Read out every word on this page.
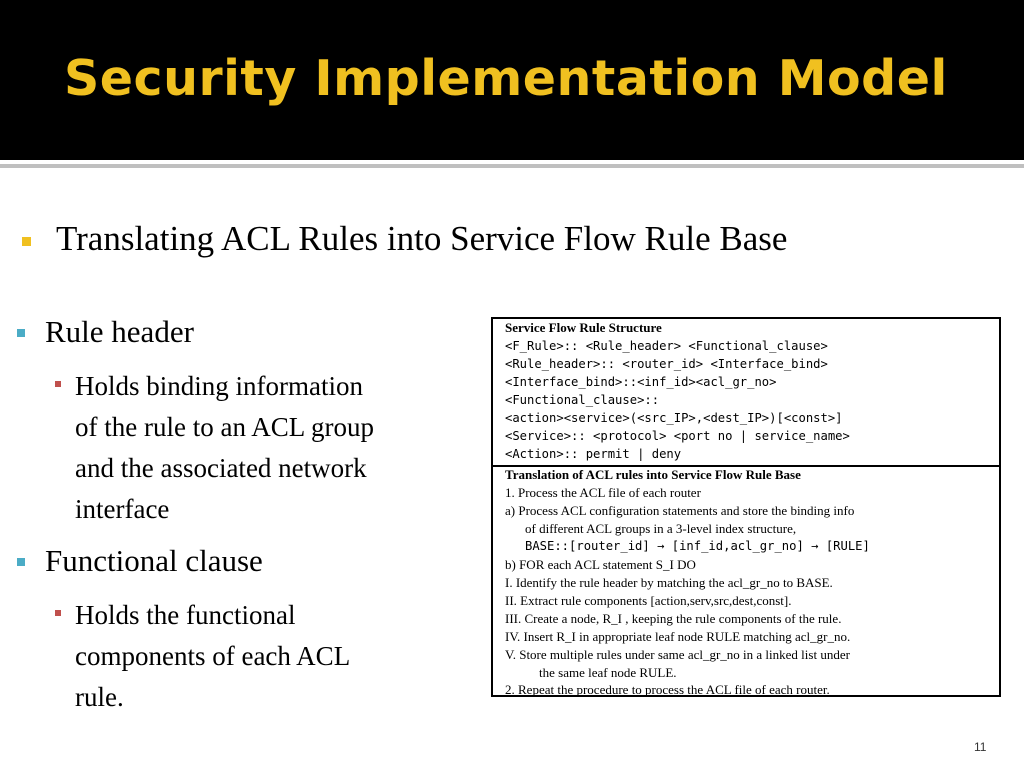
Security Implementation Model
Translating ACL Rules into Service Flow Rule Base
Rule header
Holds binding information
of the rule to an ACL group
and the associated network
interface
Functional clause
Holds the functional
components of each ACL
rule.
Service Flow Rule Structure
<F_Rule>:: <Rule_header> <Functional_clause>
<Rule_header>:: <router_id> <Interface_bind>
<Interface_bind>::<inf_id><acl_gr_no>
<Functional_clause>::
<action><service>(<src_IP>,<dest_IP>)[<const>]
<Service>:: <protocol> <port no | service_name>
<Action>:: permit | deny
Translation of ACL rules into Service Flow Rule Base
1. Process the ACL file of each router
a) Process ACL configuration statements and store the binding info
of different ACL groups in a 3-level index structure,
BASE::[router_id] → [inf_id,acl_gr_no] → [RULE]
b) FOR each ACL statement S_I DO
I. Identify the rule header by matching the acl_gr_no to BASE.
II. Extract rule components [action,serv,src,dest,const].
III. Create a node, R_I , keeping the rule components of the rule.
IV. Insert R_I in appropriate leaf node RULE matching acl_gr_no.
V. Store multiple rules under same acl_gr_no in a linked list under
the same leaf node RULE.
2. Repeat the procedure to process the ACL file of each router.
11
